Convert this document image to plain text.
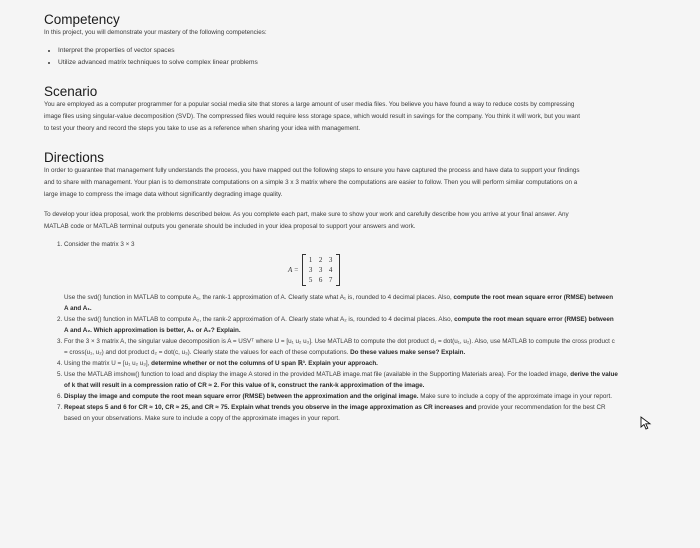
Competency

In this project, you will demonstrate your mastery of the following competencies:

• Interpret the properties of vector spaces
• Utilize advanced matrix techniques to solve complex linear problems
Scenario

You are employed as a computer programmer for a popular social media site that stores a large amount of user media files. You believe you have found a way to reduce costs by compressing image files using singular-value decomposition (SVD). The compressed files would require less storage space, which would result in savings for the company. You think it will work, but you want to test your theory and record the steps you take to use as a reference when sharing your idea with management.

Directions

In order to guarantee that management fully understands the process, you have mapped out the following steps to ensure you have captured the process and have data to support your findings and to share with management. Your plan is to demonstrate computations on a simple 3 x 3 matrix where the computations are easier to follow. Then you will perform similar computations on a large image to compress the image data without significantly degrading image quality.

To develop your idea proposal, work the problems described below. As you complete each part, make sure to show your work and carefully describe how you arrive at your final answer. Any MATLAB code or MATLAB terminal outputs you generate should be included in your idea proposal to support your answers and work.

1. Consider the matrix 3 × 3
A =
1 2 3
3 3 4
5 6 7
Use the svd() function in MATLAB to compute A₁, the rank-1 approximation of A. Clearly state what A₁ is, rounded to 4 decimal places. Also, compute the root mean square error (RMSE) between A and A₁.
2. Use the svd() function in MATLAB to compute A₂, the rank-2 approximation of A. Clearly state what A₂ is, rounded to 4 decimal places. Also, compute the root mean square error (RMSE) between A and A₂. Which approximation is better, A₁ or A₂? Explain.
3. For the 3 × 3 matrix A, the singular value decomposition is A = USVᵀ where U = [u₁ u₂ u₃]. Use MATLAB to compute the dot product d₁ = dot(u₁, u₂). Also, use MATLAB to compute the cross product c = cross(u₁, u₂) and dot product d₂ = dot(c, u₃). Clearly state the values for each of these computations. Do these values make sense? Explain.
4. Using the matrix U = [u₁ u₂ u₃], determine whether or not the columns of U span ℝ³. Explain your approach.
5. Use the MATLAB imshow() function to load and display the image A stored in the provided MATLAB image.mat file (available in the Supporting Materials area). For the loaded image, derive the value of k that will result in a compression ratio of CR ≈ 2. For this value of k, construct the rank-k approximation of the image.
6. Display the image and compute the root mean square error (RMSE) between the approximation and the original image. Make sure to include a copy of the approximate image in your report.
7. Repeat steps 5 and 6 for CR ≈ 10, CR ≈ 25, and CR ≈ 75. Explain what trends you observe in the image approximation as CR increases and provide your recommendation for the best CR based on your observations. Make sure to include a copy of the approximate images in your report.
